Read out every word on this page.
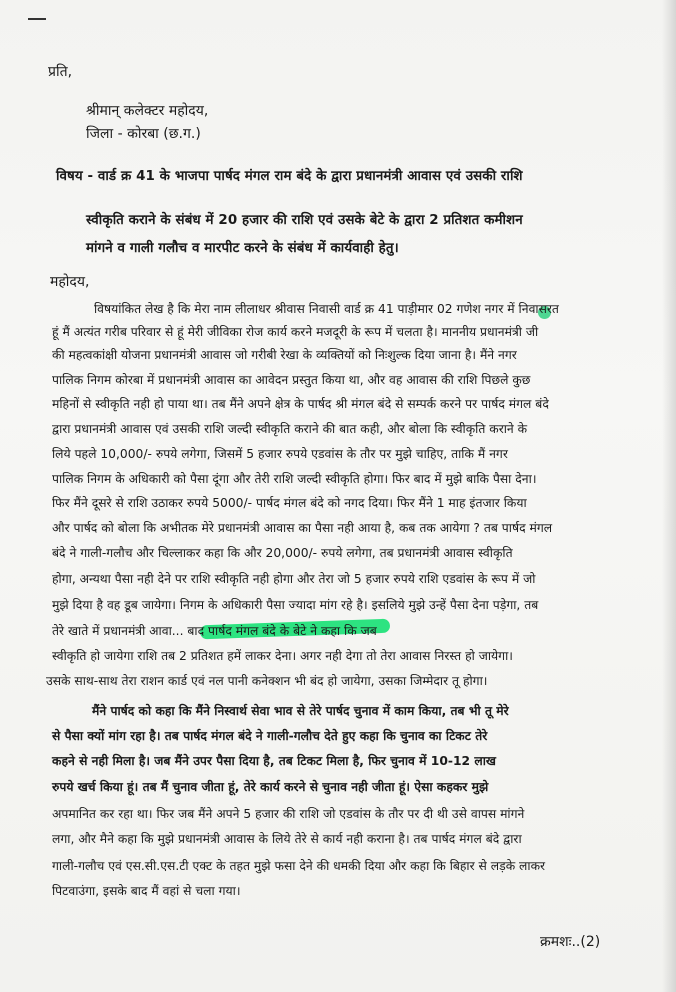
प्रति,
श्रीमान् कलेक्टर महोदय,
जिला - कोरबा (छ.ग.)
विषय - वार्ड क्र 41 के भाजपा पार्षद मंगल राम बंदे के द्वारा प्रधानमंत्री आवास एवं उसकी राशि
स्वीकृति कराने के संबंध में 20 हजार की राशि एवं उसके बेटे के द्वारा 2 प्रतिशत कमीशन
मांगने व गाली गलौच व मारपीट करने के संबंध में कार्यवाही हेतु।
महोदय,
विषयांकित लेख है कि मेरा नाम लीलाधर श्रीवास निवासी वार्ड क्र 41 पाड़ीमार 02 गणेश नगर में निवासरत
हूं मैं अत्यंत गरीब परिवार से हूं मेरी जीविका रोज कार्य करने मजदूरी के रूप में चलता है। माननीय प्रधानमंत्री जी
की महत्वकांक्षी योजना प्रधानमंत्री आवास जो गरीबी रेखा के व्यक्तियों को निःशुल्क दिया जाना है। मैंने नगर
पालिक निगम कोरबा में प्रधानमंत्री आवास का आवेदन प्रस्तुत किया था, और वह आवास की राशि पिछले कुछ
महिनों से स्वीकृति नही हो पाया था। तब मैंने अपने क्षेत्र के पार्षद श्री मंगल बंदे से सम्पर्क करने पर पार्षद मंगल बंदे
द्वारा प्रधानमंत्री आवास एवं उसकी राशि जल्दी स्वीकृति कराने की बात कही, और बोला कि स्वीकृति कराने के
लिये पहले 10,000/- रुपये लगेगा, जिसमें 5 हजार रुपये एडवांस के तौर पर मुझे चाहिए, ताकि मैं नगर
पालिक निगम के अधिकारी को पैसा दूंगा और तेरी राशि जल्दी स्वीकृति होगा। फिर बाद में मुझे बाकि पैसा देना।
फिर मैंने दूसरे से राशि उठाकर रुपये 5000/- पार्षद मंगल बंदे को नगद दिया। फिर मैंने 1 माह इंतजार किया
और पार्षद को बोला कि अभीतक मेरे प्रधानमंत्री आवास का पैसा नही आया है, कब तक आयेगा ? तब पार्षद मंगल
बंदे ने गाली-गलौच और चिल्लाकर कहा कि और 20,000/- रुपये लगेगा, तब प्रधानमंत्री आवास स्वीकृति
होगा, अन्यथा पैसा नही देने पर राशि स्वीकृति नही होगा और तेरा जो 5 हजार रुपये राशि एडवांस के रूप में जो
मुझे दिया है वह डूब जायेगा। निगम के अधिकारी पैसा ज्यादा मांग रहे है। इसलिये मुझे उन्हें पैसा देना पड़ेगा, तब
तेरे खाते में प्रधानमंत्री आवा... बाद पार्षद मंगल बंदे के बेटे ने कहा कि जब
स्वीकृति हो जायेगा राशि तब 2 प्रतिशत हमें लाकर देना। अगर नही देगा तो तेरा आवास निरस्त हो जायेगा।
उसके साथ-साथ तेरा राशन कार्ड एवं नल पानी कनेक्शन भी बंद हो जायेगा, उसका जिम्मेदार तू होगा।
मैंने पार्षद को कहा कि मैंने निस्वार्थ सेवा भाव से तेरे पार्षद चुनाव में काम किया, तब भी तू मेरे
से पैसा क्यों मांग रहा है। तब पार्षद मंगल बंदे ने गाली-गलौच देते हुए कहा कि चुनाव का टिकट तेरे
कहने से नही मिला है। जब मैंने उपर पैसा दिया है, तब टिकट मिला है, फिर चुनाव में 10-12 लाख
रुपये खर्च किया हूं। तब मैं चुनाव जीता हूं, तेरे कार्य करने से चुनाव नही जीता हूं। ऐसा कहकर मुझे
अपमानित कर रहा था। फिर जब मैंने अपने 5 हजार की राशि जो एडवांस के तौर पर दी थी उसे वापस मांगने
लगा, और मैने कहा कि मुझे प्रधानमंत्री आवास के लिये तेरे से कार्य नही कराना है। तब पार्षद मंगल बंदे द्वारा
गाली-गलौच एवं एस.सी.एस.टी एक्ट के तहत मुझे फसा देने की धमकी दिया और कहा कि बिहार से लड़के लाकर
पिटवाउंगा, इसके बाद मैं वहां से चला गया।
क्रमशः..(2)
